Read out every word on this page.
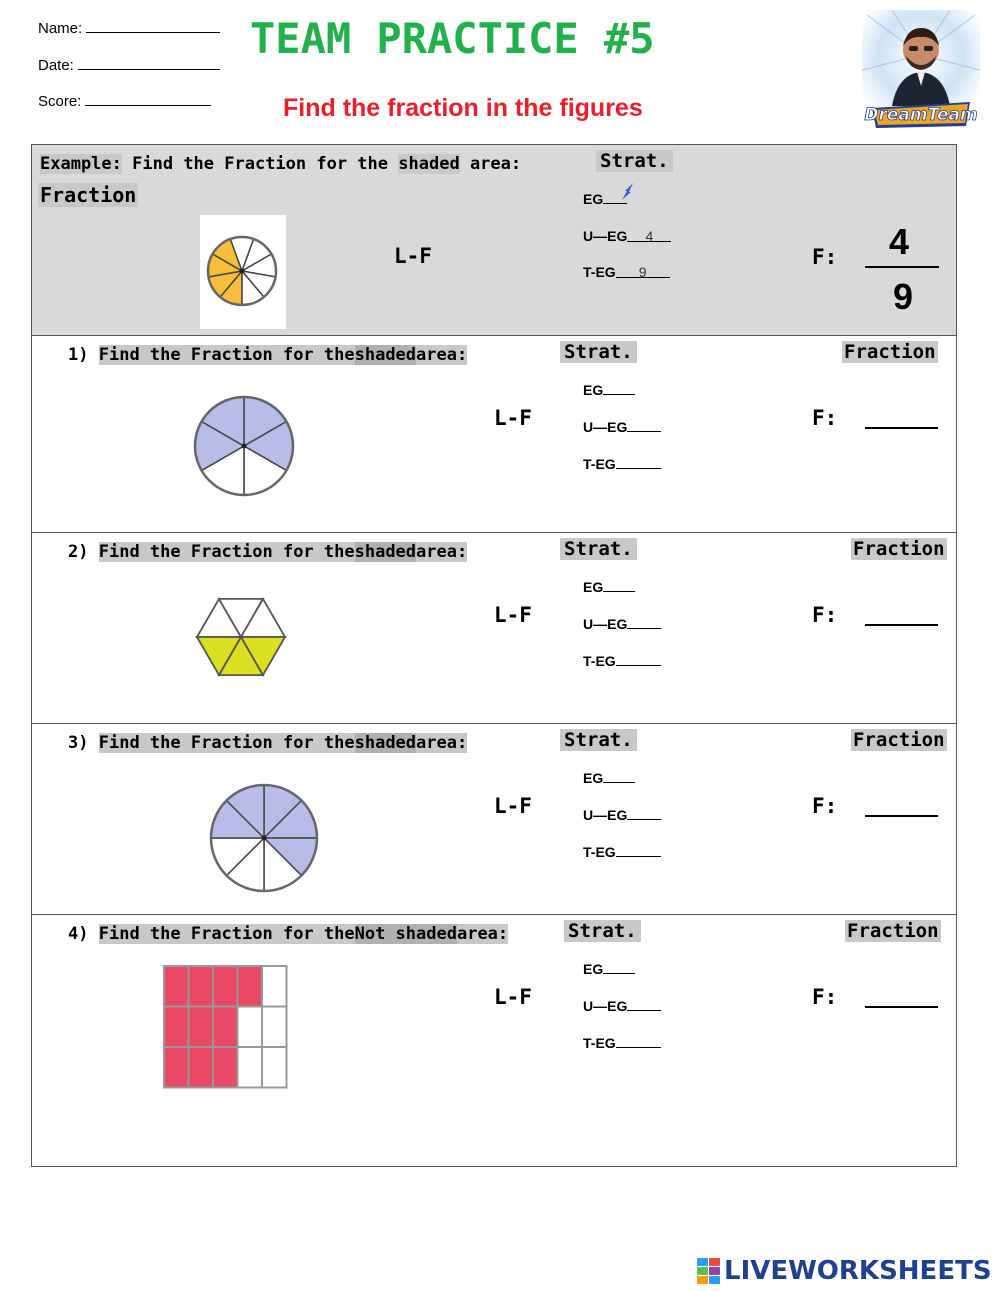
Name:
Date:
Score:
TEAM PRACTICE #5
Find the fraction in the figures	DreamTeam
Example: Find the Fraction for the shaded area:
Fraction
Strat.
L-F
EG
U—EG 4
T-EG 9
F: 4
9
1) Find the Fraction for theshadedarea:	Strat.	Fraction
L-F
EG
U—EG
T-EG
F:
2) Find the Fraction for theshadedarea:	Strat.	Fraction
L-F
EG
U—EG
T-EG
F:
3) Find the Fraction for theshadedarea:	Strat.	Fraction
L-F
EG
U—EG
T-EG
F:
4) Find the Fraction for theNot shadedarea:	Strat.	Fraction
L-F
EG
U—EG
T-EG
F:
LIVEWORKSHEETS
